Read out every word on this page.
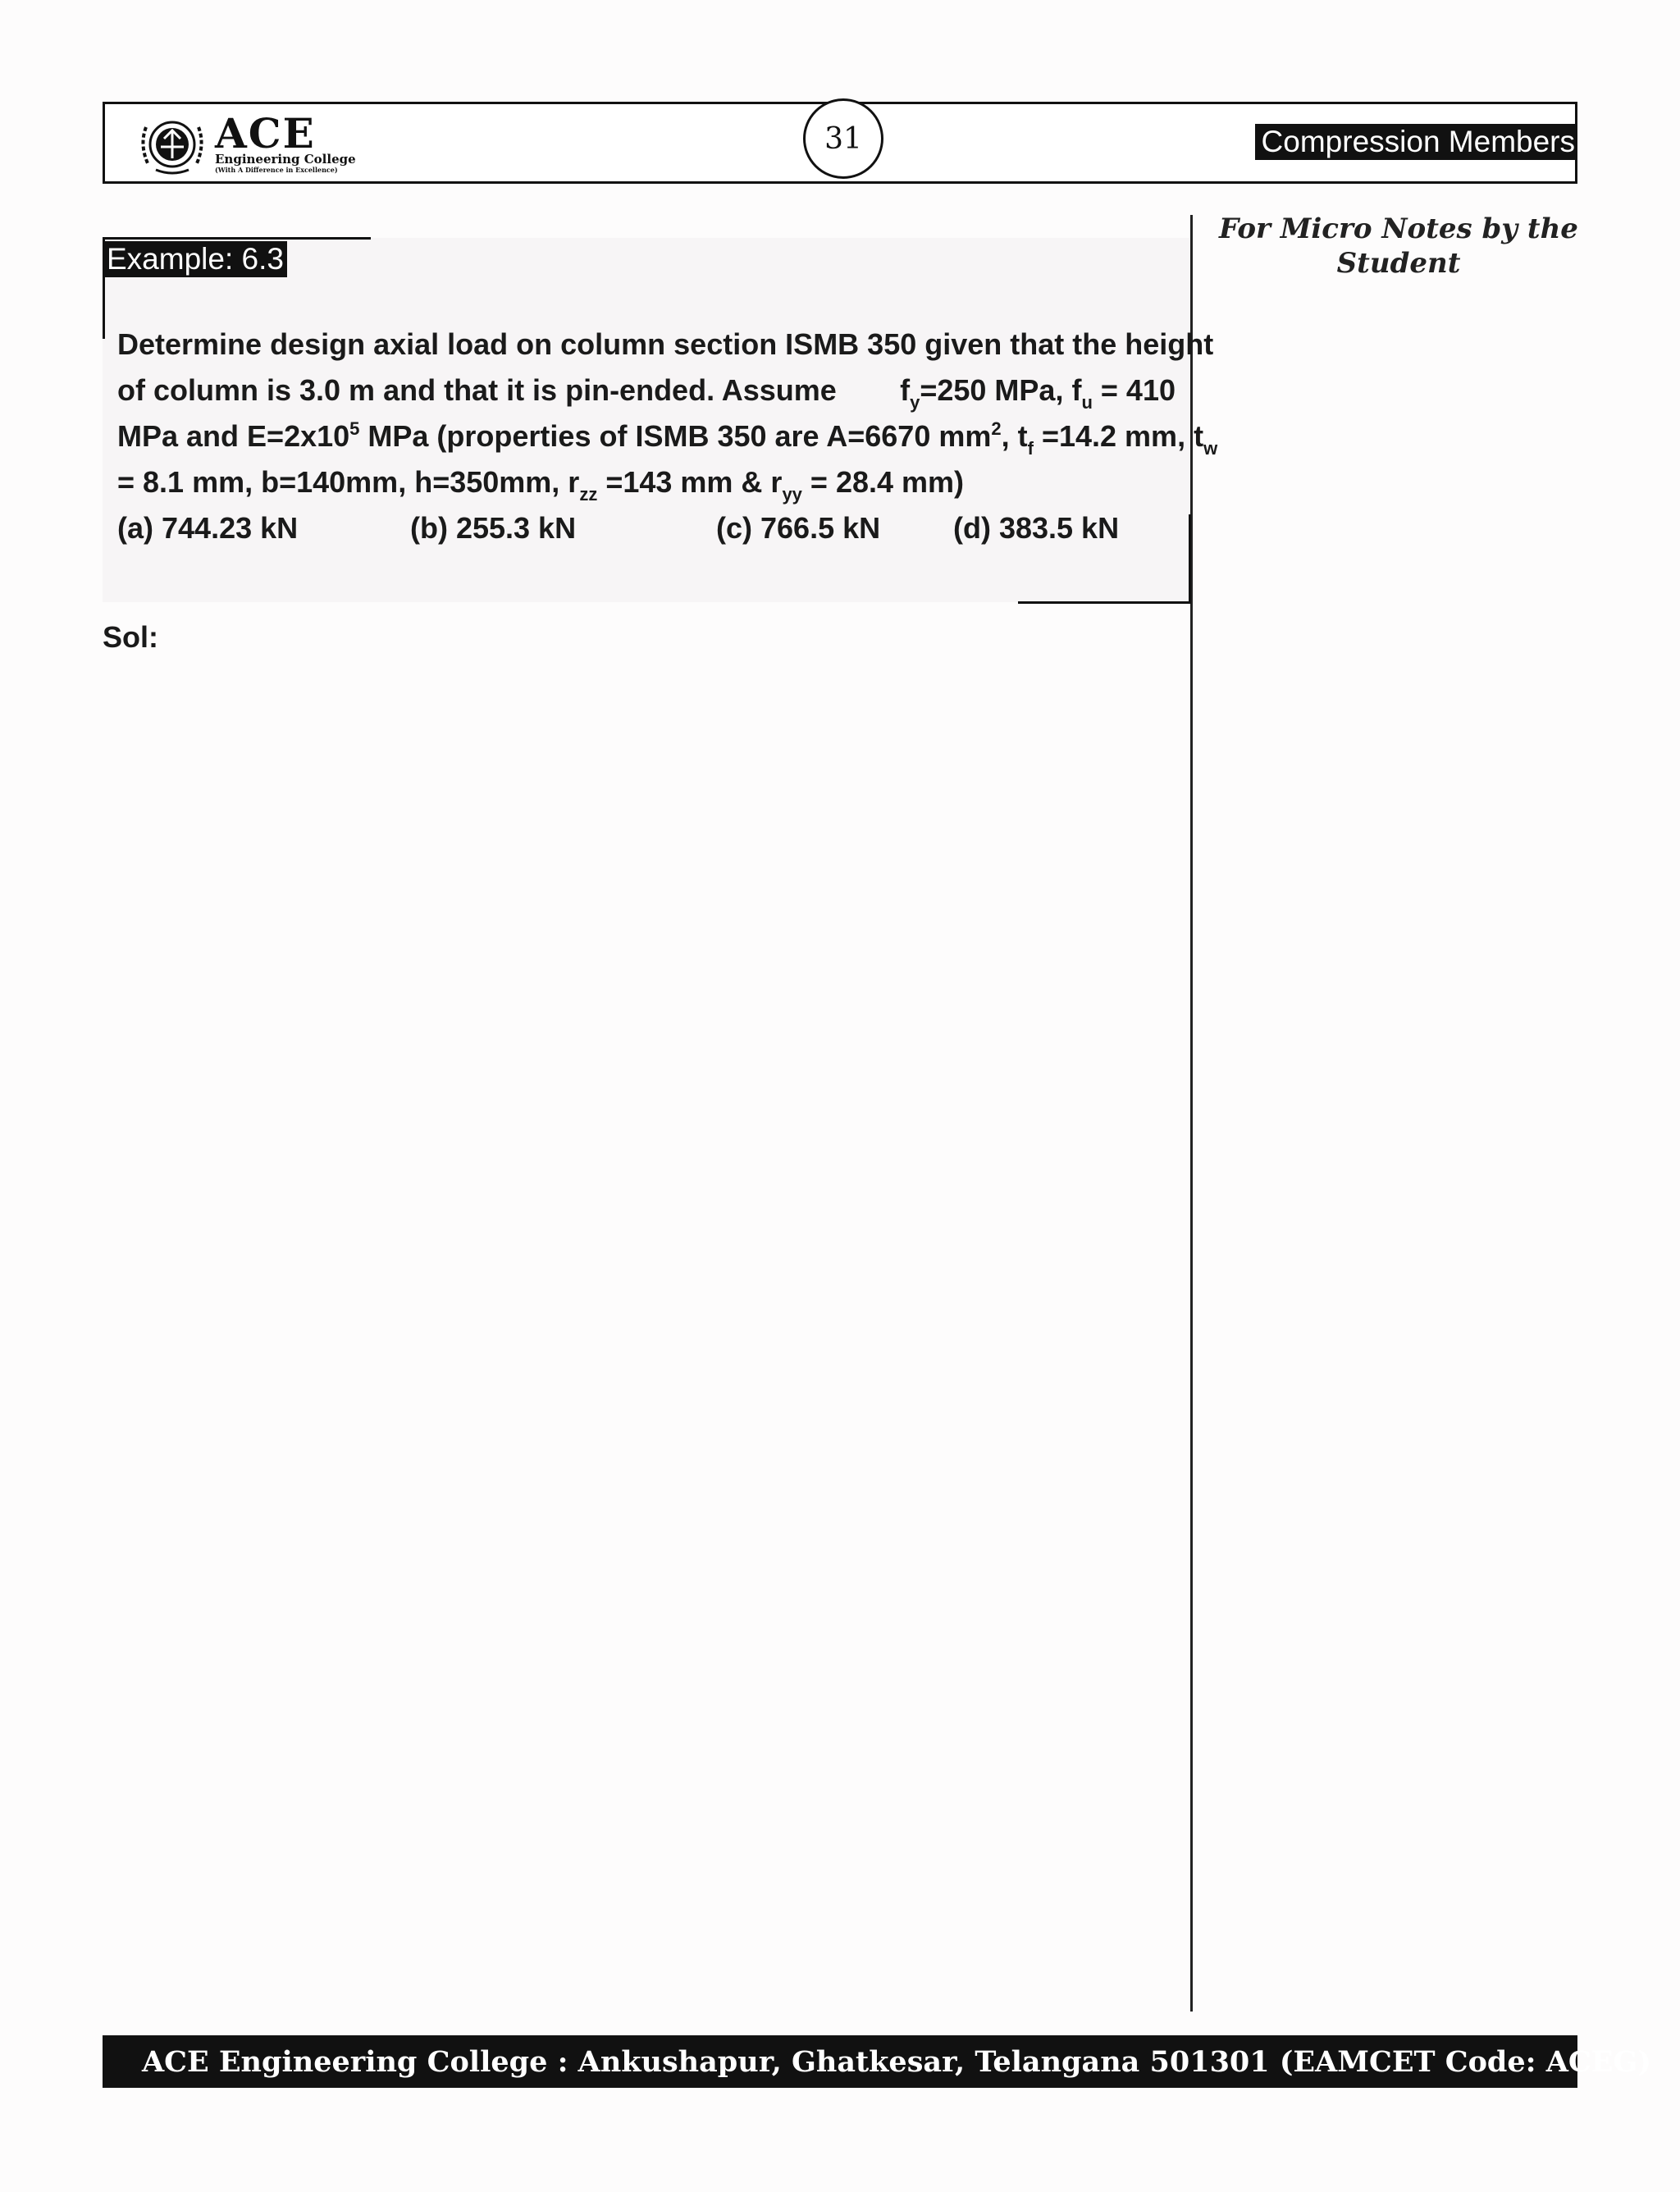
ACE
Engineering College
(With A Difference in Excellence)
31	Compression Members
For Micro Notes by the Student
Example: 6.3
Determine design axial load on column section ISMB 350 given that the height
of column is 3.0 m and that it is pin-ended. Assume $f_y=250$ MPa, $f_u = 410$
MPa and $E=2x10^5$ MPa (properties of ISMB 350 are A=6670 $mm^2$, $t_f =14.2$ mm, $t_w$
= 8.1 mm, b=140mm, h=350mm, $r_{zz} =143$ mm & $r_{yy} = 28.4$ mm)
(a) 744.23 kN	(b) 255.3 kN	(c) 766.5 kN (d) 383.5 kN
Sol:
ACE Engineering College : Ankushapur, Ghatkesar, Telangana 501301 (EAMCET Code: ACEG)
